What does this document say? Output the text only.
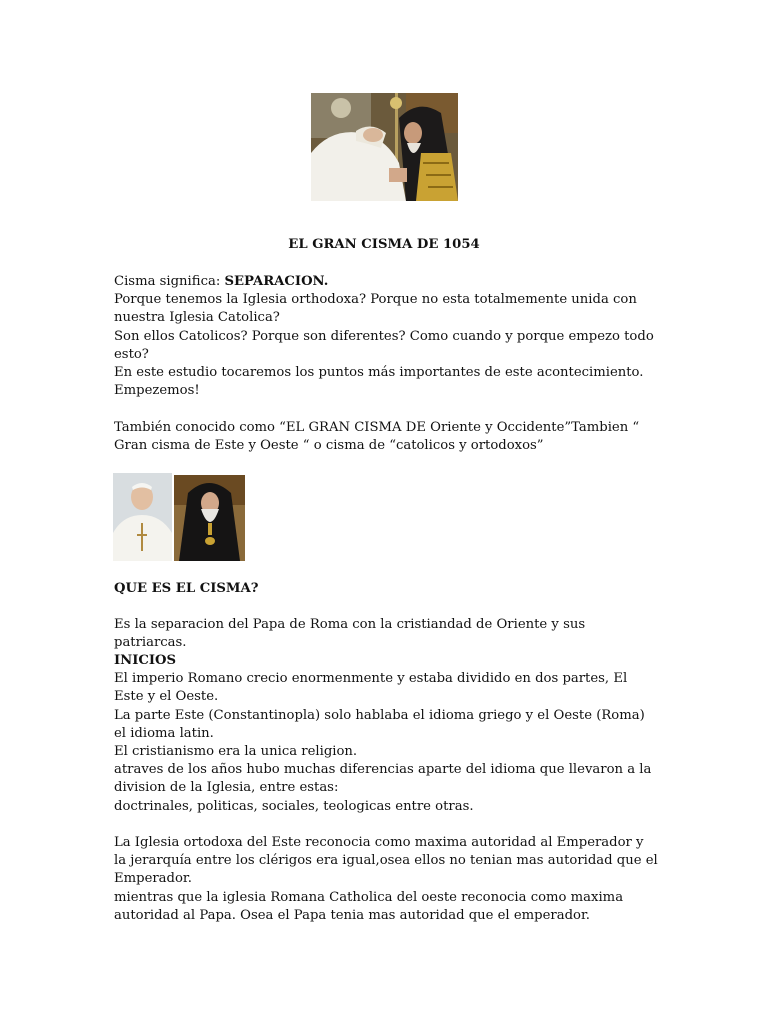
EL GRAN CISMA DE 1054

Cisma significa: SEPARACION.

Porque tenemos la Iglesia orthodoxa? Porque no esta totalmemente unida con nuestra Iglesia Catolica?

Son ellos Catolicos? Porque son diferentes? Como cuando y porque empezo todo esto?

En este estudio tocaremos los puntos más importantes de este acontecimiento.

Empezemos!

También conocido como “EL GRAN CISMA DE Oriente y Occidente”Tambien “ Gran cisma de Este y Oeste “ o cisma de “catolicos y ortodoxos”
QUE ES EL CISMA?
Es la separacion del Papa de Roma con la cristiandad de Oriente y sus patriarcas.

INICIOS

El imperio Romano crecio enormenmente y estaba dividido en dos partes, El Este y el Oeste.

La parte Este (Constantinopla) solo hablaba el idioma griego y el Oeste (Roma) el idioma latin.

El cristianismo era la unica religion.

atraves de los años hubo muchas diferencias aparte del idioma que llevaron a la division de la Iglesia, entre estas:

doctrinales, politicas, sociales, teologicas entre otras.

La Iglesia ortodoxa del Este reconocia como maxima autoridad al Emperador y la jerarquía entre los clérigos era igual,osea ellos no tenian mas autoridad que el Emperador.

mientras que la iglesia Romana Catholica del oeste reconocia como maxima autoridad al Papa. Osea el Papa tenia mas autoridad que el emperador.
